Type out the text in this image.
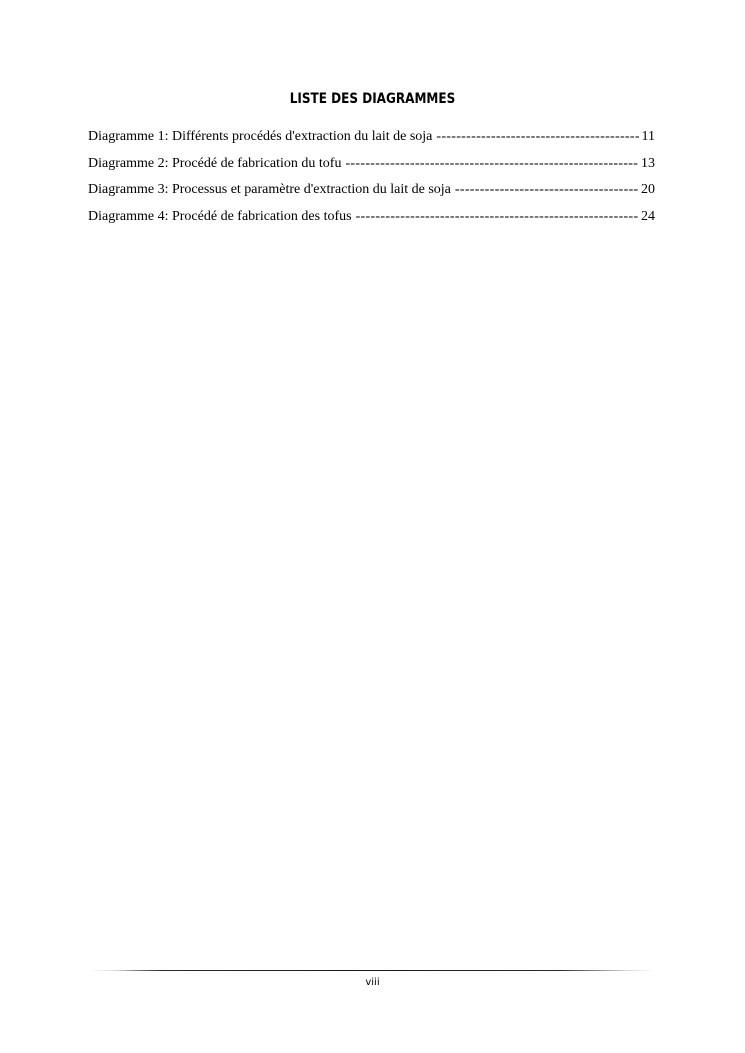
LISTE DES DIAGRAMMES
Diagramme 1: Différents procédés d'extraction du lait de soja -----	11
Diagramme 2: Procédé de fabrication du tofu -----	13
Diagramme 3: Processus et paramètre d'extraction du lait de soja -----	20
Diagramme 4: Procédé de fabrication des tofus -----	24

viii
